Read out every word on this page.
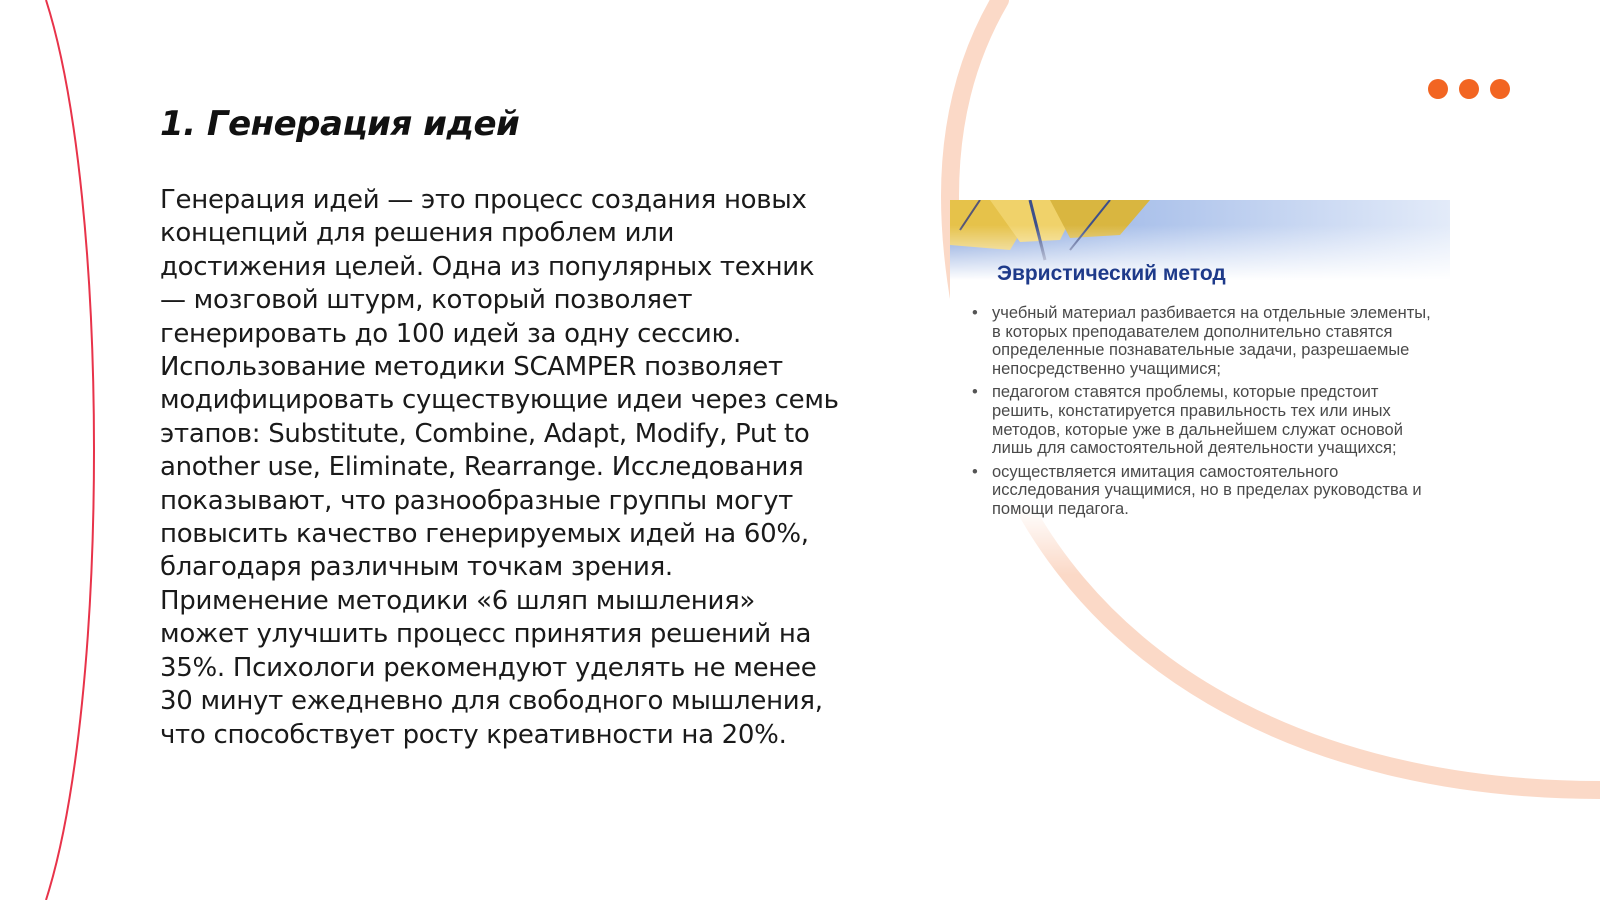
1. Генерация идей

Генерация идей — это процесс создания новых концепций для решения проблем или достижения целей. Одна из популярных техник — мозговой штурм, который позволяет генерировать до 100 идей за одну сессию. Использование методики SCAMPER позволяет модифицировать существующие идеи через семь этапов: Substitute, Combine, Adapt, Modify, Put to another use, Eliminate, Rearrange. Исследования показывают, что разнообразные группы могут повысить качество генерируемых идей на 60%, благодаря различным точкам зрения. Применение методики «6 шляп мышления» может улучшить процесс принятия решений на 35%. Психологи рекомендуют уделять не менее 30 минут ежедневно для свободного мышления, что способствует росту креативности на 20%.

Эвристический метод
• учебный материал разбивается на отдельные элементы, в которых преподавателем дополнительно ставятся определенные познавательные задачи, разрешаемые непосредственно учащимися;
• педагогом ставятся проблемы, которые предстоит решить, констатируется правильность тех или иных методов, которые уже в дальнейшем служат основой лишь для самостоятельной деятельности учащихся;
• осуществляется имитация самостоятельного исследования учащимися, но в пределах руководства и помощи педагога.
